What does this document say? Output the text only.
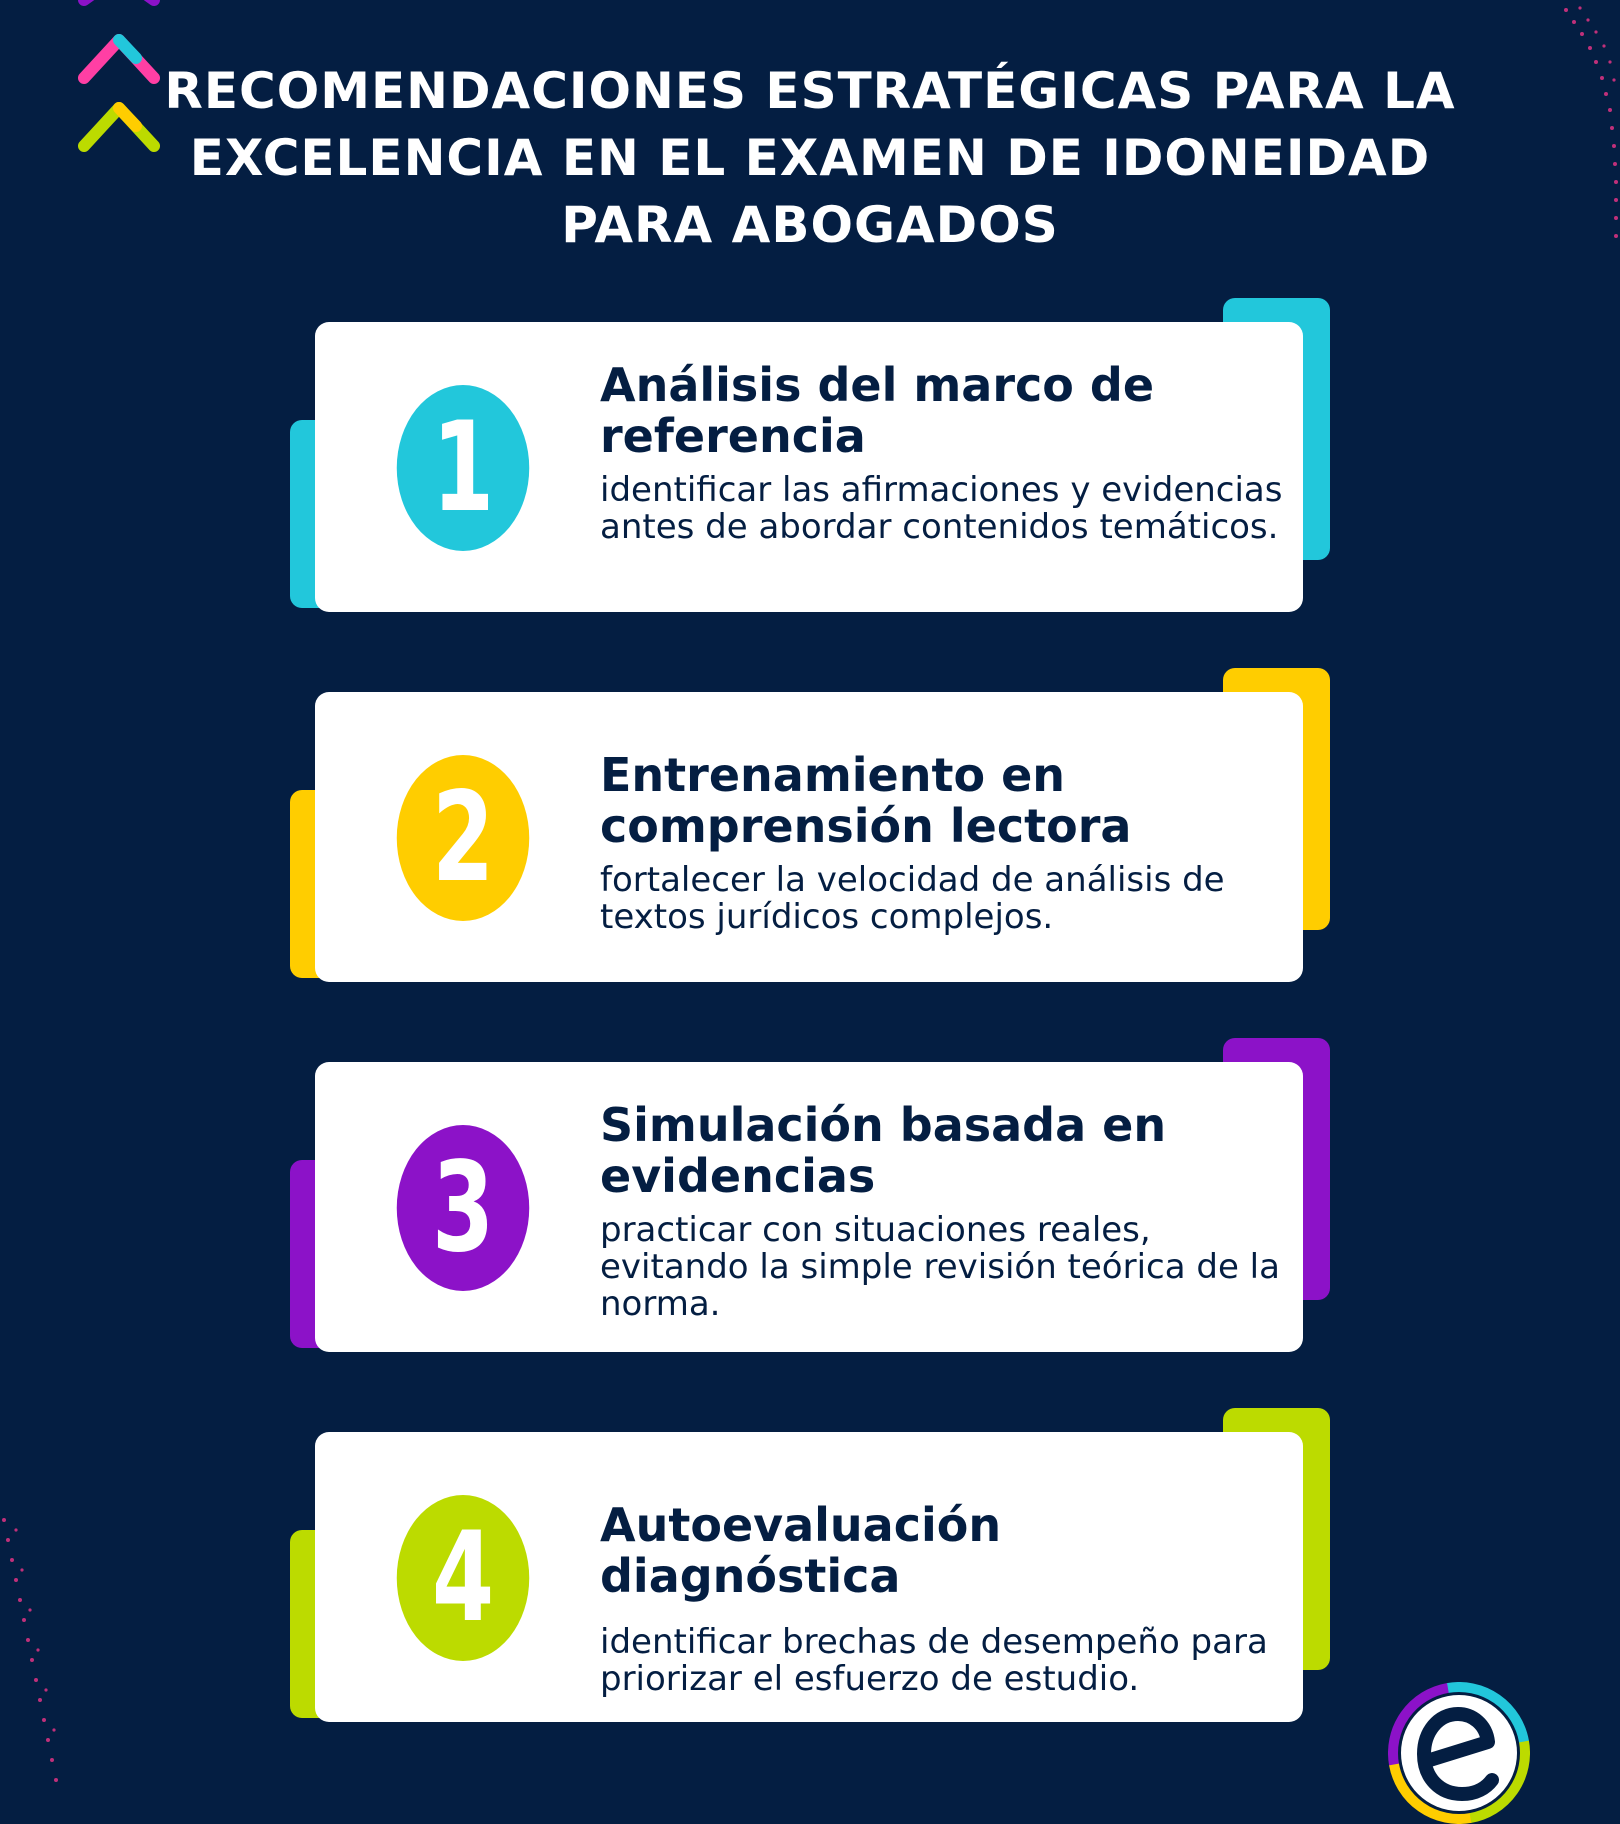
RECOMENDACIONES ESTRATÉGICAS PARA LA EXCELENCIA EN EL EXAMEN DE IDONEIDAD PARA ABOGADOS
1
Análisis del marco de referencia

identificar las afirmaciones y evidencias antes de abordar contenidos temáticos.

2	Entrenamiento en comprensión lectora

fortalecer la velocidad de análisis de textos jurídicos complejos.

3
Simulación basada en evidencias

practicar con situaciones reales, evitando la simple revisión teórica de la norma.

4	Autoevaluación diagnóstica

identificar brechas de desempeño para priorizar el esfuerzo de estudio.
